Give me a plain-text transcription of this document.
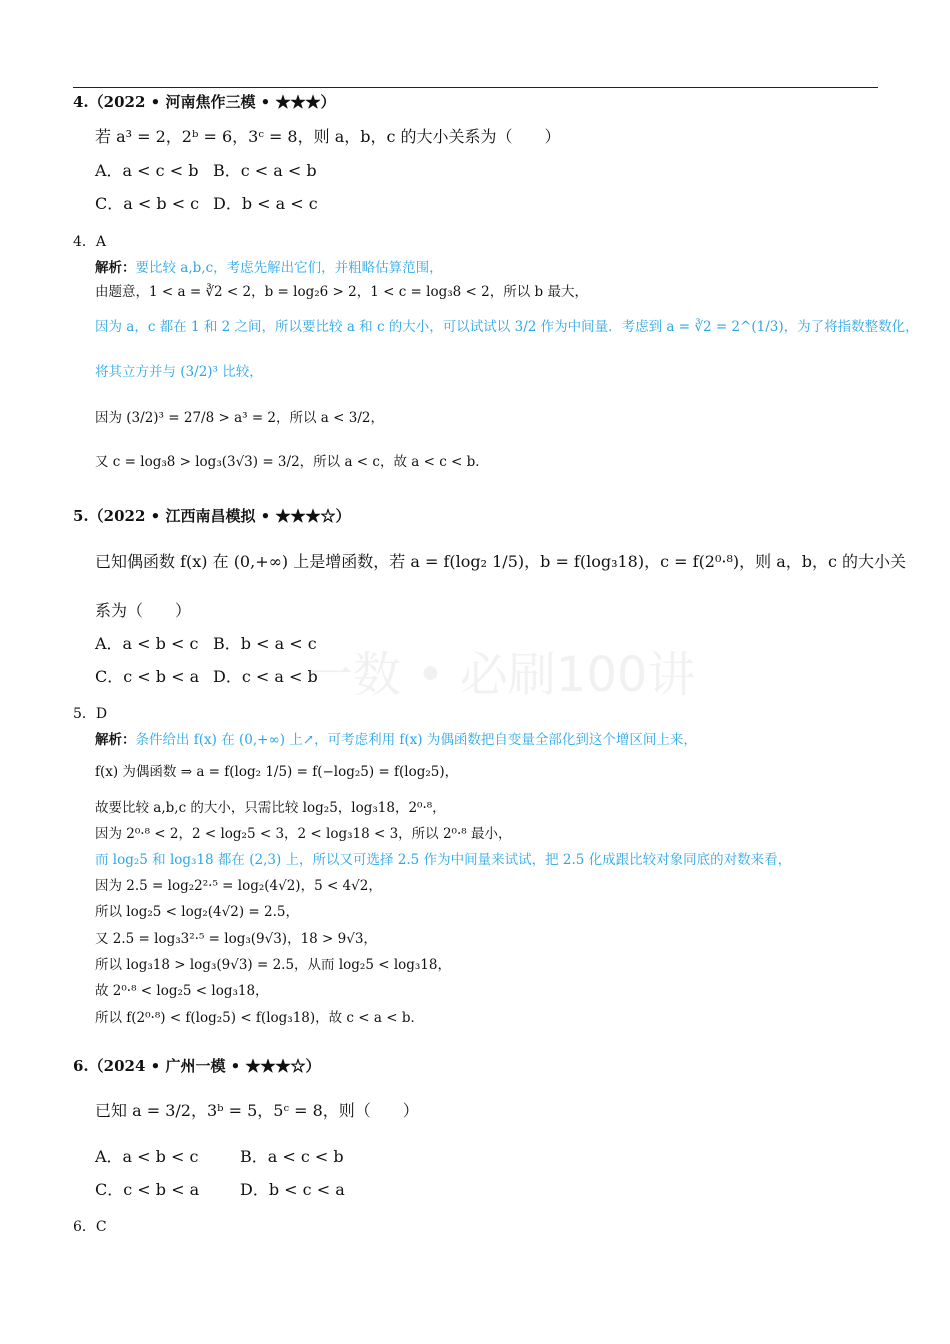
一数 • 必刷100讲
4.（2022 • 河南焦作三模 • ★★★）
若 a³ = 2，2ᵇ = 6，3ᶜ = 8，则 a，b，c 的大小关系为（　　）
A．a < c < b B．c < a < b
C．a < b < c D．b < a < c
4．A
解析：要比较 a,b,c，考虑先解出它们，并粗略估算范围，
由题意，1 < a = ∛2 < 2，b = log₂6 > 2，1 < c = log₃8 < 2，所以 b 最大，
因为 a，c 都在 1 和 2 之间，所以要比较 a 和 c 的大小，可以试试以 3/2 作为中间量．考虑到 a = ∛2 = 2^(1/3)，为了将指数整数化，
将其立方并与 (3/2)³ 比较，
因为 (3/2)³ = 27/8 > a³ = 2，所以 a < 3/2，
又 c = log₃8 > log₃(3√3) = 3/2，所以 a < c，故 a < c < b．
5.（2022 • 江西南昌模拟 • ★★★☆）
已知偶函数 f(x) 在 (0,+∞) 上是增函数，若 a = f(log₂ 1/5)，b = f(log₃18)，c = f(2⁰·⁸)，则 a，b，c 的大小关
系为（　　）
A．a < b < c B．b < a < c
C．c < b < a D．c < a < b
5．D
解析：条件给出 f(x) 在 (0,+∞) 上↗，可考虑利用 f(x) 为偶函数把自变量全部化到这个增区间上来，
f(x) 为偶函数 ⇒ a = f(log₂ 1/5) = f(−log₂5) = f(log₂5)，
故要比较 a,b,c 的大小，只需比较 log₂5，log₃18，2⁰·⁸，
因为 2⁰·⁸ < 2，2 < log₂5 < 3，2 < log₃18 < 3，所以 2⁰·⁸ 最小，
而 log₂5 和 log₃18 都在 (2,3) 上，所以又可选择 2.5 作为中间量来试试，把 2.5 化成跟比较对象同底的对数来看，
因为 2.5 = log₂2²·⁵ = log₂(4√2)，5 < 4√2，
所以 log₂5 < log₂(4√2) = 2.5，
又 2.5 = log₃3²·⁵ = log₃(9√3)，18 > 9√3，
所以 log₃18 > log₃(9√3) = 2.5，从而 log₂5 < log₃18，
故 2⁰·⁸ < log₂5 < log₃18，
所以 f(2⁰·⁸) < f(log₂5) < f(log₃18)，故 c < a < b．
6.（2024 • 广州一模 • ★★★☆）
已知 a = 3/2，3ᵇ = 5，5ᶜ = 8，则（　　）
A．a < b < c	B．a < c < b
C．c < b < a	D．b < c < a
6．C
